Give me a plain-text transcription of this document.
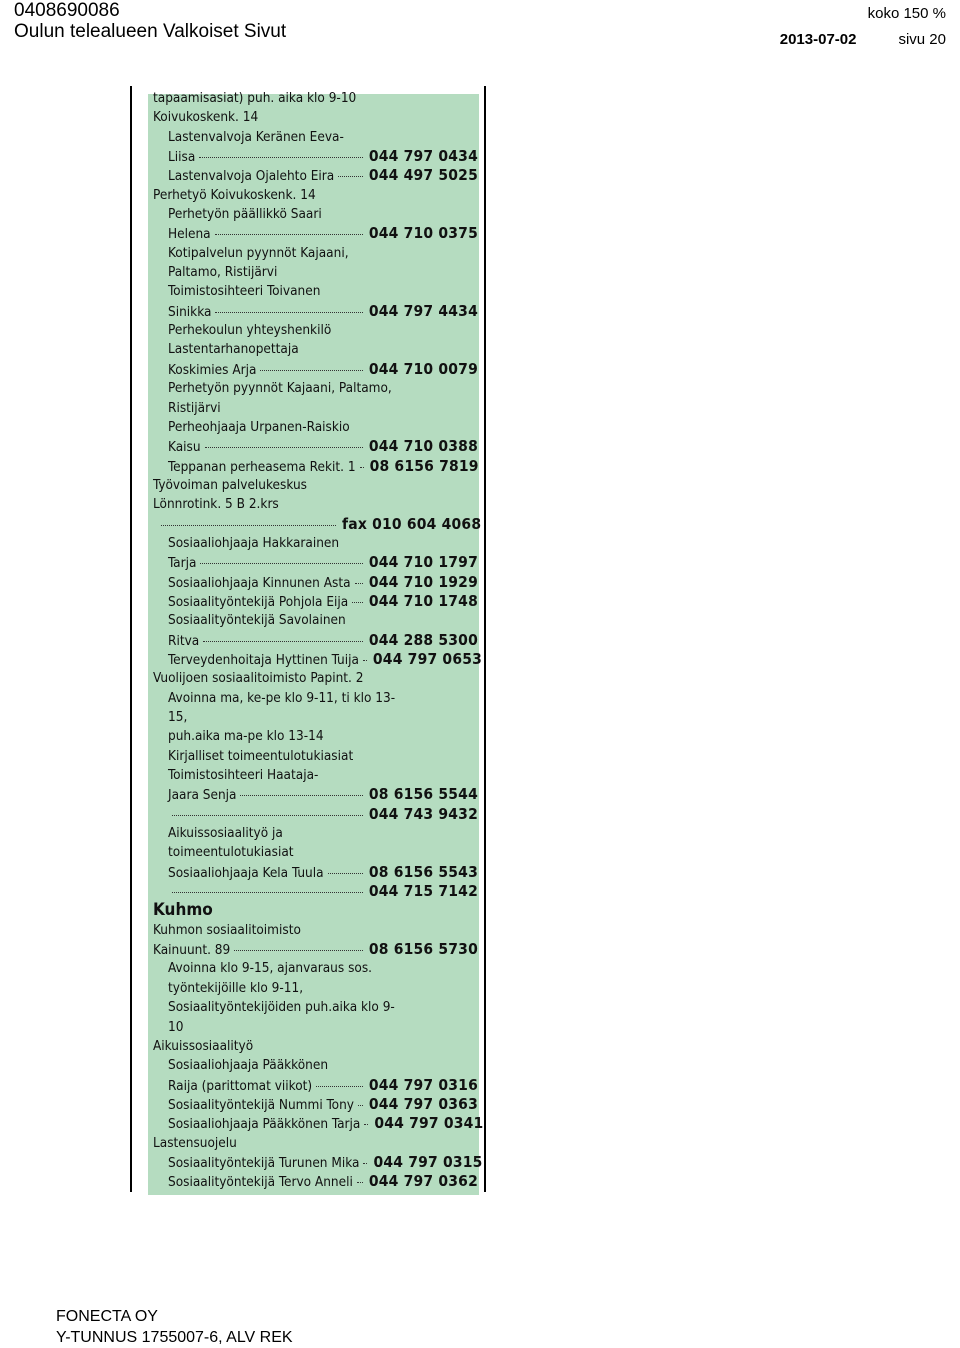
0408690086
Oulun telealueen Valkoiset Sivut
koko 150 %
2013-07-02	sivu 20
tapaamisasiat) puh. aika klo 9-10
Koivukoskenk. 14
Lastenvalvoja Keränen Eeva-
Liisa	044 797 0434
Lastenvalvoja Ojalehto Eira 044 497 5025
Perhetyö Koivukoskenk. 14
Perhetyön päällikkö Saari
Helena	044 710 0375
Kotipalvelun pyynnöt Kajaani,
Paltamo, Ristijärvi
Toimistosihteeri Toivanen
Sinikka	044 797 4434
Perhekoulun yhteyshenkilö
Lastentarhanopettaja
Koskimies Arja	044 710 0079
Perhetyön pyynnöt Kajaani, Paltamo,
Ristijärvi
Perheohjaaja Urpanen-Raiskio
Kaisu	044 710 0388
Teppanan perheasema Rekit. 1 08 6156 7819
Työvoiman palvelukeskus
Lönnrotink. 5 B 2.krs
fax 010 604 4068
Sosiaaliohjaaja Hakkarainen
Tarja	044 710 1797
Sosiaaliohjaaja Kinnunen Asta 044 710 1929
Sosiaalityöntekijä Pohjola Eija 044 710 1748
Sosiaalityöntekijä Savolainen
Ritva	044 288 5300
Terveydenhoitaja Hyttinen Tuija 044 797 0653
Vuolijoen sosiaalitoimisto Papint. 2
Avoinna ma, ke-pe klo 9-11, ti klo 13-
15,
puh.aika ma-pe klo 13-14
Kirjalliset toimeentulotukiasiat
Toimistosihteeri Haataja-
Jaara Senja	08 6156 5544
044 743 9432
Aikuissosiaalityö ja
toimeentulotukiasiat
Sosiaaliohjaaja Kela Tuula	08 6156 5543
044 715 7142
Kuhmo
Kuhmon sosiaalitoimisto
Kainuunt. 89	08 6156 5730
Avoinna klo 9-15, ajanvaraus sos.
työntekijöille klo 9-11,
Sosiaalityöntekijöiden puh.aika klo 9-
10
Aikuissosiaalityö
Sosiaaliohjaaja Pääkkönen
Raija (parittomat viikot)	044 797 0316
Sosiaalityöntekijä Nummi Tony 044 797 0363
Sosiaaliohjaaja Pääkkönen Tarja 044 797 0341
Lastensuojelu
Sosiaalityöntekijä Turunen Mika 044 797 0315
Sosiaalityöntekijä Tervo Anneli 044 797 0362
FONECTA OY
Y-TUNNUS 1755007-6, ALV REK
